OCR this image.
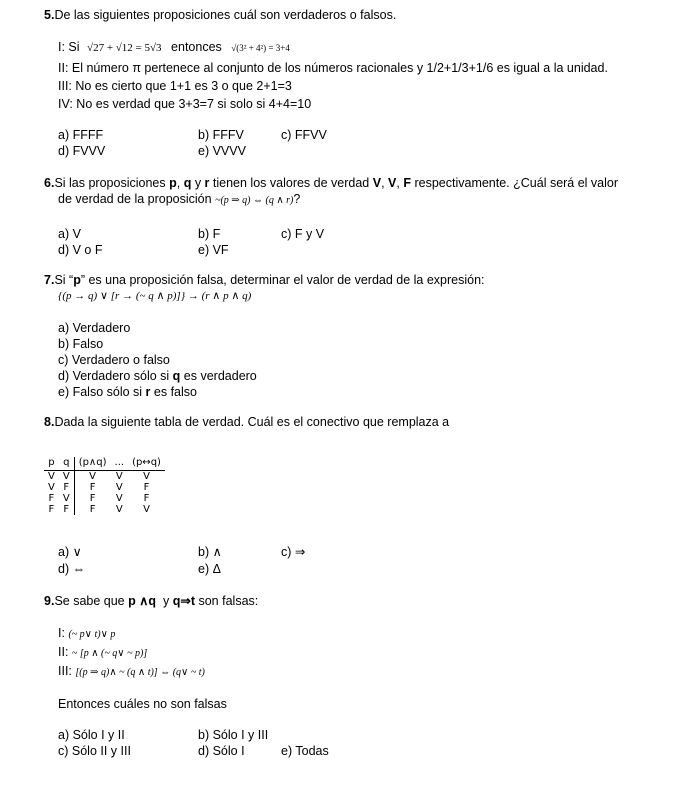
5.De las siguientes proposiciones cuál son verdaderos o falsos.
I: Si √27 + √12 = 5√3 entonces √(3² + 4²) = 3+4
II: El número π pertenece al conjunto de los números racionales y 1/2+1/3+1/6 es igual a la unidad.
III: No es cierto que 1+1 es 3 o que 2+1=3
IV: No es verdad que 3+3=7 si solo si 4+4=10
a) FFFF	b) FFFV	c) FFVV
d) FVVV	e) VVVV
6.Si las proposiciones p, q y r tienen los valores de verdad V, V, F respectivamente. ¿Cuál será el valor
de verdad de la proposición ~(p ⇒ q) ⇔ (q ∧ r)?
a) V	b) F	c) F y V
d) V o F	e) VF
7.Si “p” es una proposición falsa, determinar el valor de verdad de la expresión:
{(p → q) ∨ [r → (~ q ∧ p)]} → (r ∧ p ∧ q)
a) Verdadero
b) Falso
c) Verdadero o falso
d) Verdadero sólo si q es verdadero
e) Falso sólo si r es falso
8.Dada la siguiente tabla de verdad. Cuál es el conectivo que remplaza a
p	q	(p∧q)	...	(p↔q)
V	V	V	V	V
V	F	F	V	F
F	V	F	V	F
F	F	F	V	V
a) ∨	b) ∧	c) ⇒
d) ⇔	e) Δ
9.Se sabe que p ∧q y q⇒t son falsas:
I: (~ p∨ t)∨ p
II: ~ [p ∧ (~ q∨ ~ p)]
III: [(p ⇒ q)∧ ~ (q ∧ t)] ⇔ (q∨ ~ t)
Entonces cuáles no son falsas
a) Sólo I y II	b) Sólo I y III
c) Sólo II y III	d) Sólo I	e) Todas
